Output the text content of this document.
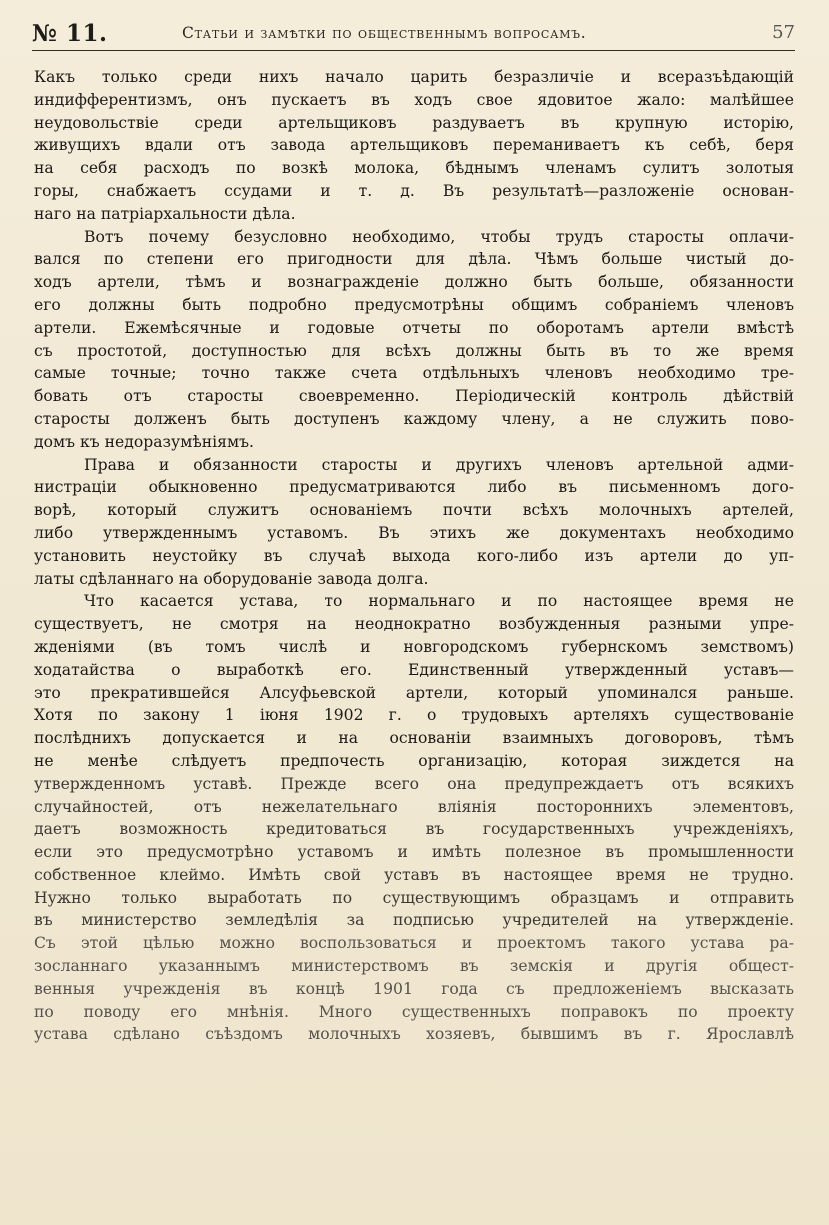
№ 11.	Статьи и замѣтки по общественнымъ вопросамъ.	57
Какъ только среди нихъ начало царить безразличіе и всеразъѣдающій
индифферентизмъ, онъ пускаетъ въ ходъ свое ядовитое жало: малѣйшее
неудовольствіе среди артельщиковъ раздуваетъ въ крупную исторію,
живущихъ вдали отъ завода артельщиковъ переманиваетъ къ себѣ, беря
на себя расходъ по возкѣ молока, бѣднымъ членамъ сулитъ золотыя
горы, снабжаетъ ссудами и т. д. Въ результатѣ—разложеніе основан-
наго на патріархальности дѣла.
Вотъ почему безусловно необходимо, чтобы трудъ старосты оплачи-
вался по степени его пригодности для дѣла. Чѣмъ больше чистый до-
ходъ артели, тѣмъ и вознагражденіе должно быть больше, обязанности
его должны быть подробно предусмотрѣны общимъ собраніемъ членовъ
артели. Ежемѣсячные и годовые отчеты по оборотамъ артели вмѣстѣ
съ простотой, доступностью для всѣхъ должны быть въ то же время
самые точные; точно также счета отдѣльныхъ членовъ необходимо тре-
бовать отъ старосты своевременно. Періодическій контроль дѣйствій
старосты долженъ быть доступенъ каждому члену, а не служить пово-
домъ къ недоразумѣніямъ.
Права и обязанности старосты и другихъ членовъ артельной адми-
нистраціи обыкновенно предусматриваются либо въ письменномъ дого-
ворѣ, который служитъ основаніемъ почти всѣхъ молочныхъ артелей,
либо утвержденнымъ уставомъ. Въ этихъ же документахъ необходимо
установить неустойку въ случаѣ выхода кого-либо изъ артели до уп-
латы сдѣланнаго на оборудованіе завода долга.
Что касается устава, то нормальнаго и по настоящее время не
существуетъ, не смотря на неоднократно возбужденныя разными упре-
жденіями (въ томъ числѣ и новгородскомъ губернскомъ земствомъ)
ходатайства о выработкѣ его. Единственный утвержденный уставъ—
это прекратившейся Алсуфьевской артели, который упоминался раньше.
Хотя по закону 1 іюня 1902 г. о трудовыхъ артеляхъ существованіе
послѣднихъ допускается и на основаніи взаимныхъ договоровъ, тѣмъ
не менѣе слѣдуетъ предпочесть организацію, которая зиждется на
утвержденномъ уставѣ. Прежде всего она предупреждаетъ отъ всякихъ
случайностей, отъ нежелательнаго вліянія постороннихъ элементовъ,
даетъ возможность кредитоваться въ государственныхъ учрежденіяхъ,
если это предусмотрѣно уставомъ и имѣть полезное въ промышленности
собственное клеймо. Имѣть свой уставъ въ настоящее время не трудно.
Нужно только выработать по существующимъ образцамъ и отправить
въ министерство земледѣлія за подписью учредителей на утвержденіе.
Съ этой цѣлью можно воспользоваться и проектомъ такого устава ра-
зосланнаго указаннымъ министерствомъ въ земскія и другія общест-
венныя учрежденія въ концѣ 1901 года съ предложеніемъ высказать
по поводу его мнѣнія. Много существенныхъ поправокъ по проекту
устава сдѣлано съѣздомъ молочныхъ хозяевъ, бывшимъ въ г. Ярославлѣ
